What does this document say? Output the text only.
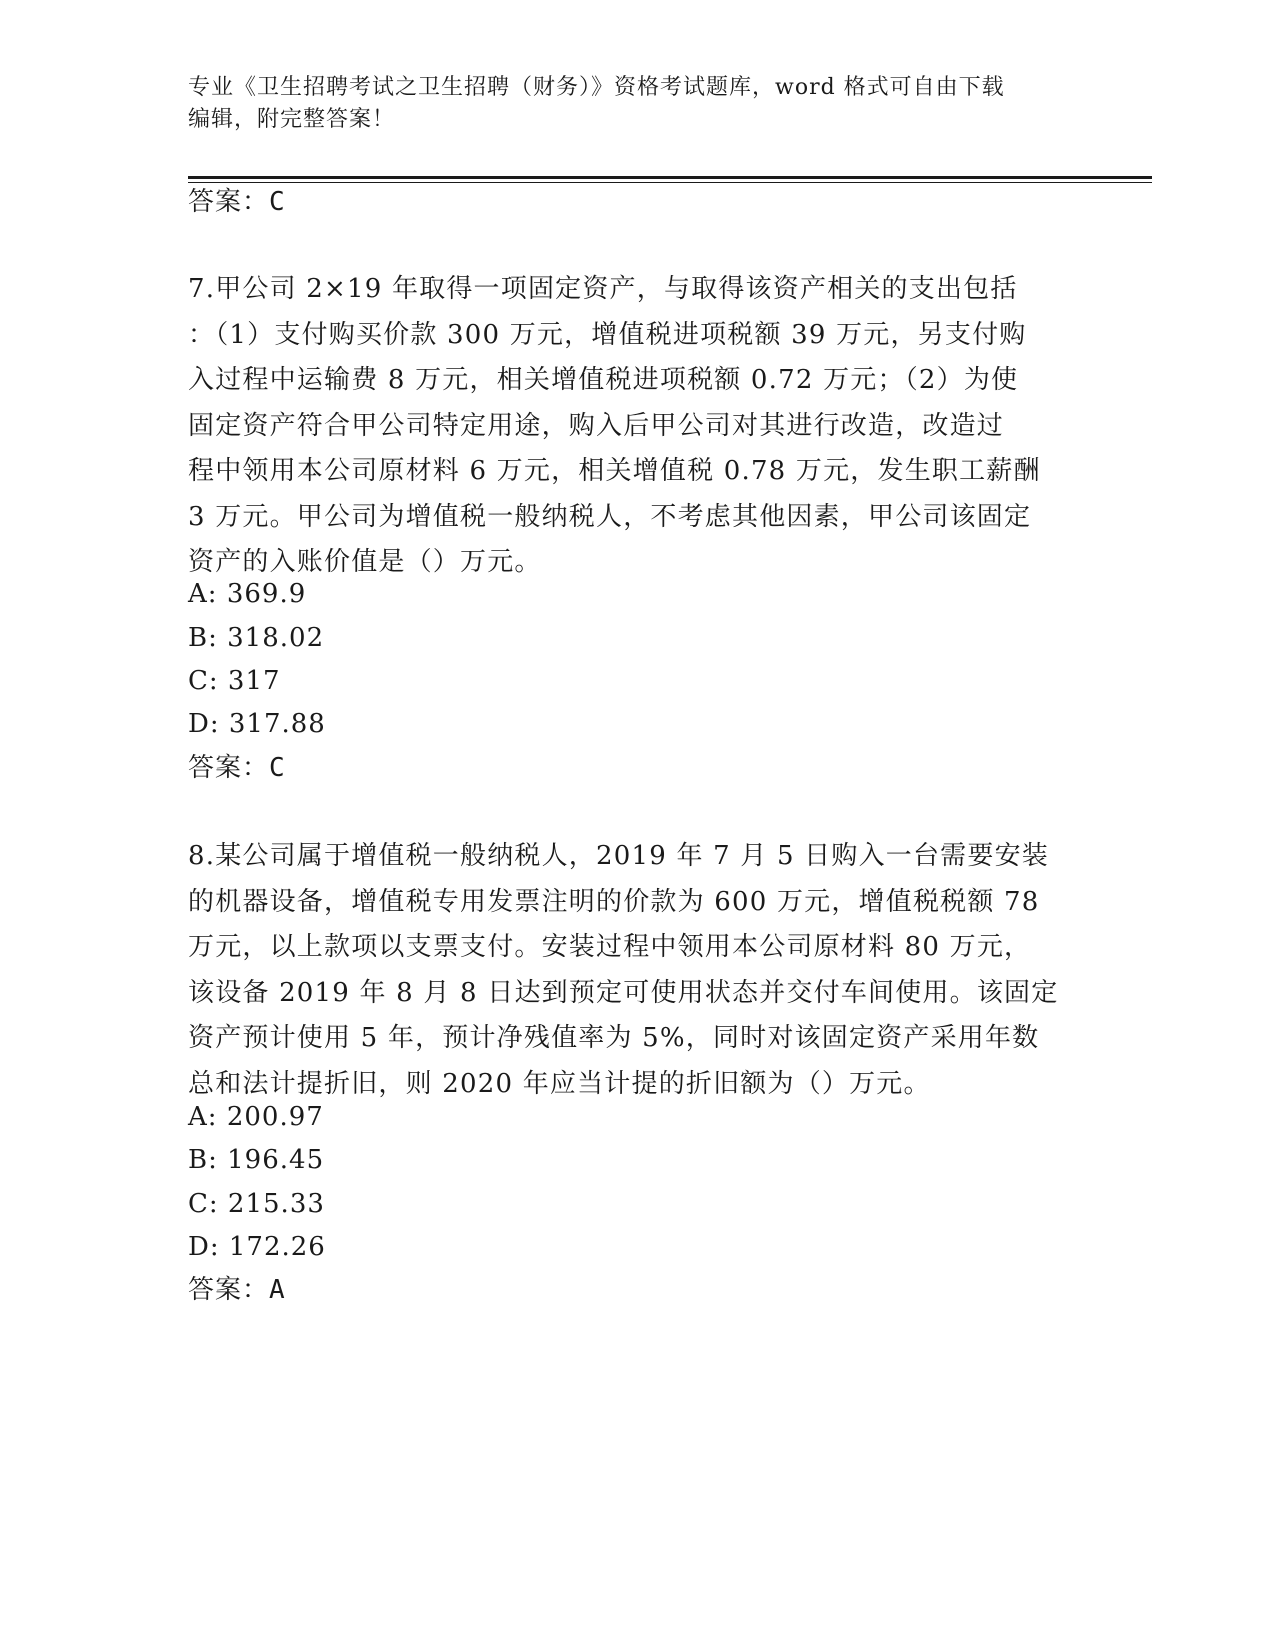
专业《卫生招聘考试之卫生招聘（财务）》资格考试题库，word 格式可自由下载
编辑，附完整答案！
答案：C
7.甲公司 2×19 年取得一项固定资产，与取得该资产相关的支出包括
：（1）支付购买价款 300 万元，增值税进项税额 39 万元，另支付购
入过程中运输费 8 万元，相关增值税进项税额 0.72 万元；（2）为使
固定资产符合甲公司特定用途，购入后甲公司对其进行改造，改造过
程中领用本公司原材料 6 万元，相关增值税 0.78 万元，发生职工薪酬
3 万元。甲公司为增值税一般纳税人，不考虑其他因素，甲公司该固定
资产的入账价值是（）万元。
A: 369.9
B: 318.02
C: 317
D: 317.88
答案：C
8.某公司属于增值税一般纳税人，2019 年 7 月 5 日购入一台需要安装
的机器设备，增值税专用发票注明的价款为 600 万元，增值税税额 78
万元，以上款项以支票支付。安装过程中领用本公司原材料 80 万元，
该设备 2019 年 8 月 8 日达到预定可使用状态并交付车间使用。该固定
资产预计使用 5 年，预计净残值率为 5%，同时对该固定资产采用年数
总和法计提折旧，则 2020 年应当计提的折旧额为（）万元。
A: 200.97
B: 196.45
C: 215.33
D: 172.26
答案：A
